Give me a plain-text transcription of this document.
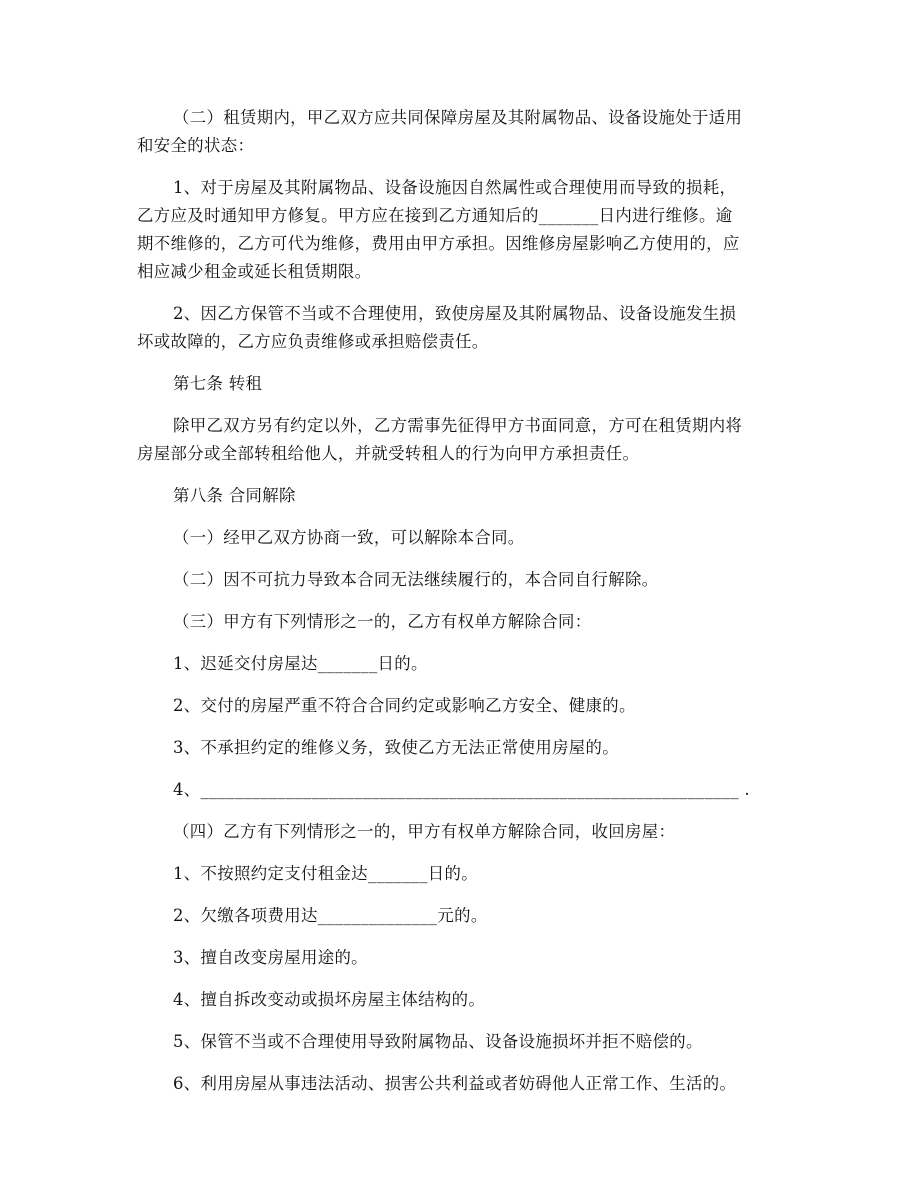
（二）租赁期内，甲乙双方应共同保障房屋及其附属物品、设备设施处于适用
和安全的状态：
1、对于房屋及其附属物品、设备设施因自然属性或合理使用而导致的损耗，
乙方应及时通知甲方修复。甲方应在接到乙方通知后的_______日内进行维修。逾
期不维修的，乙方可代为维修，费用由甲方承担。因维修房屋影响乙方使用的，应
相应减少租金或延长租赁期限。
2、因乙方保管不当或不合理使用，致使房屋及其附属物品、设备设施发生损
坏或故障的，乙方应负责维修或承担赔偿责任。
第七条 转租
除甲乙双方另有约定以外，乙方需事先征得甲方书面同意，方可在租赁期内将
房屋部分或全部转租给他人，并就受转租人的行为向甲方承担责任。
第八条 合同解除
（一）经甲乙双方协商一致，可以解除本合同。
（二）因不可抗力导致本合同无法继续履行的，本合同自行解除。
（三）甲方有下列情形之一的，乙方有权单方解除合同：
1、迟延交付房屋达_______日的。
2、交付的房屋严重不符合合同约定或影响乙方安全、健康的。
3、不承担约定的维修义务，致使乙方无法正常使用房屋的。
4、_______________________________________________________________ .
（四）乙方有下列情形之一的，甲方有权单方解除合同，收回房屋：
1、不按照约定支付租金达_______日的。
2、欠缴各项费用达______________元的。
3、擅自改变房屋用途的。
4、擅自拆改变动或损坏房屋主体结构的。
5、保管不当或不合理使用导致附属物品、设备设施损坏并拒不赔偿的。
6、利用房屋从事违法活动、损害公共利益或者妨碍他人正常工作、生活的。
